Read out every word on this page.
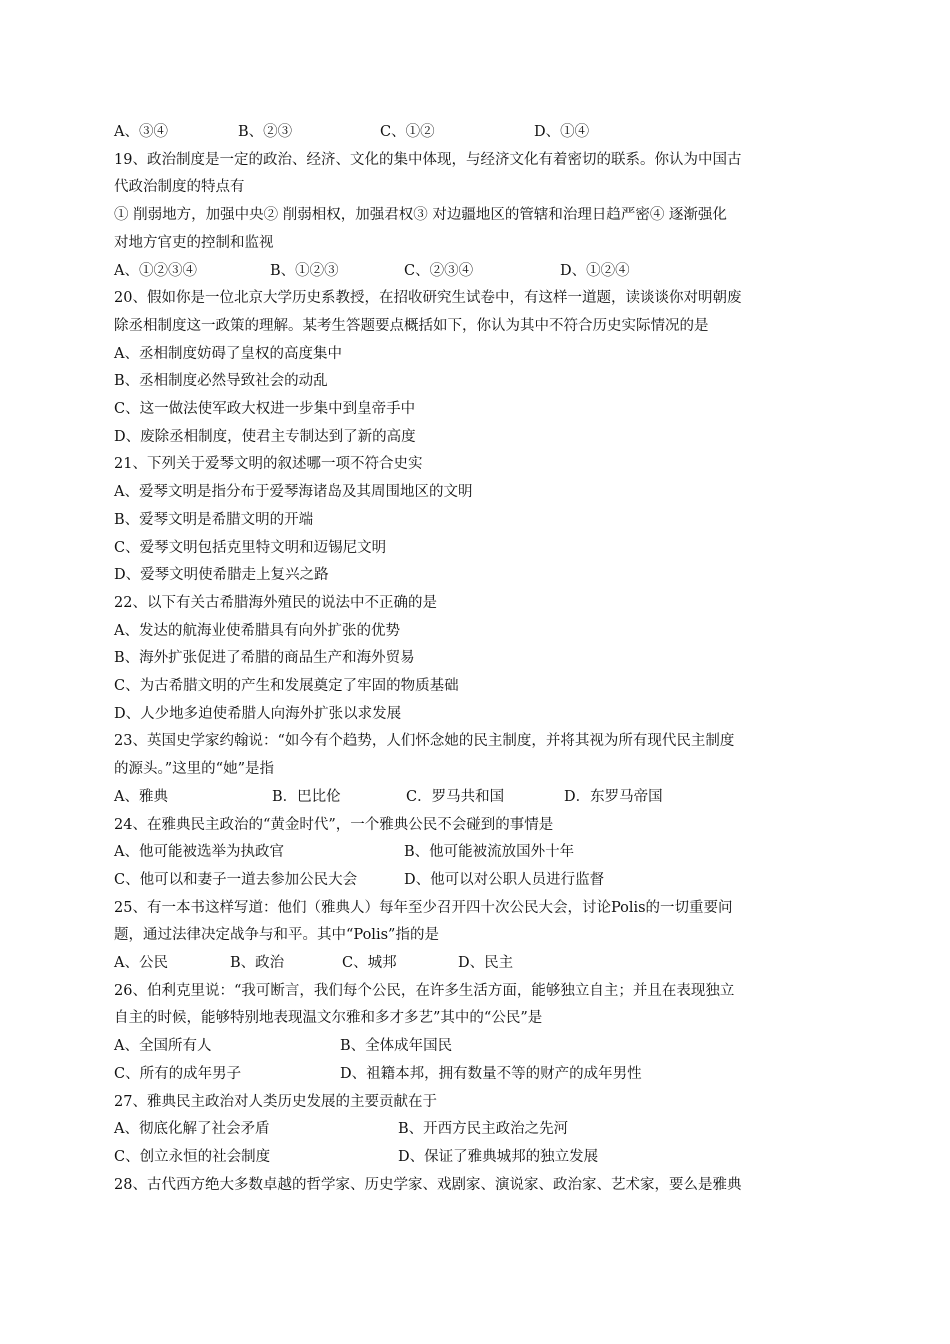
A、③④	B、②③	C、①②	D、①④
19、政治制度是一定的政治、经济、文化的集中体现，与经济文化有着密切的联系。你认为中国古
代政治制度的特点有
① 削弱地方，加强中央② 削弱相权，加强君权③ 对边疆地区的管辖和治理日趋严密④ 逐渐强化
对地方官吏的控制和监视
A、①②③④	B、①②③	C、②③④	D、①②④
20、假如你是一位北京大学历史系教授，在招收研究生试卷中，有这样一道题，读谈谈你对明朝废
除丞相制度这一政策的理解。某考生答题要点概括如下，你认为其中不符合历史实际情况的是
A、丞相制度妨碍了皇权的高度集中
B、丞相制度必然导致社会的动乱
C、这一做法使军政大权进一步集中到皇帝手中
D、废除丞相制度，使君主专制达到了新的高度
21、下列关于爱琴文明的叙述哪一项不符合史实
A、爱琴文明是指分布于爱琴海诸岛及其周围地区的文明
B、爱琴文明是希腊文明的开端
C、爱琴文明包括克里特文明和迈锡尼文明
D、爱琴文明使希腊走上复兴之路
22、以下有关古希腊海外殖民的说法中不正确的是
A、发达的航海业使希腊具有向外扩张的优势
B、海外扩张促进了希腊的商品生产和海外贸易
C、为古希腊文明的产生和发展奠定了牢固的物质基础
D、人少地多迫使希腊人向海外扩张以求发展
23、英国史学家约翰说：“如今有个趋势，人们怀念她的民主制度，并将其视为所有现代民主制度
的源头。”这里的“她”是指
A、雅典	B．巴比伦	C．罗马共和国	D．东罗马帝国
24、在雅典民主政治的“黄金时代”，一个雅典公民不会碰到的事情是
A、他可能被选举为执政官	B、他可能被流放国外十年
C、他可以和妻子一道去参加公民大会	D、他可以对公职人员进行监督
25、有一本书这样写道：他们（雅典人）每年至少召开四十次公民大会，讨论Polis的一切重要问
题，通过法律决定战争与和平。其中“Polis”指的是
A、公民	B、政治	C、城邦	D、民主
26、伯利克里说：“我可断言，我们每个公民，在许多生活方面，能够独立自主；并且在表现独立
自主的时候，能够特别地表现温文尔雅和多才多艺”其中的“公民”是
A、全国所有人	B、全体成年国民
C、所有的成年男子	D、祖籍本邦，拥有数量不等的财产的成年男性
27、雅典民主政治对人类历史发展的主要贡献在于
A、彻底化解了社会矛盾	B、开西方民主政治之先河
C、创立永恒的社会制度	D、保证了雅典城邦的独立发展
28、古代西方绝大多数卓越的哲学家、历史学家、戏剧家、演说家、政治家、艺术家，要么是雅典
